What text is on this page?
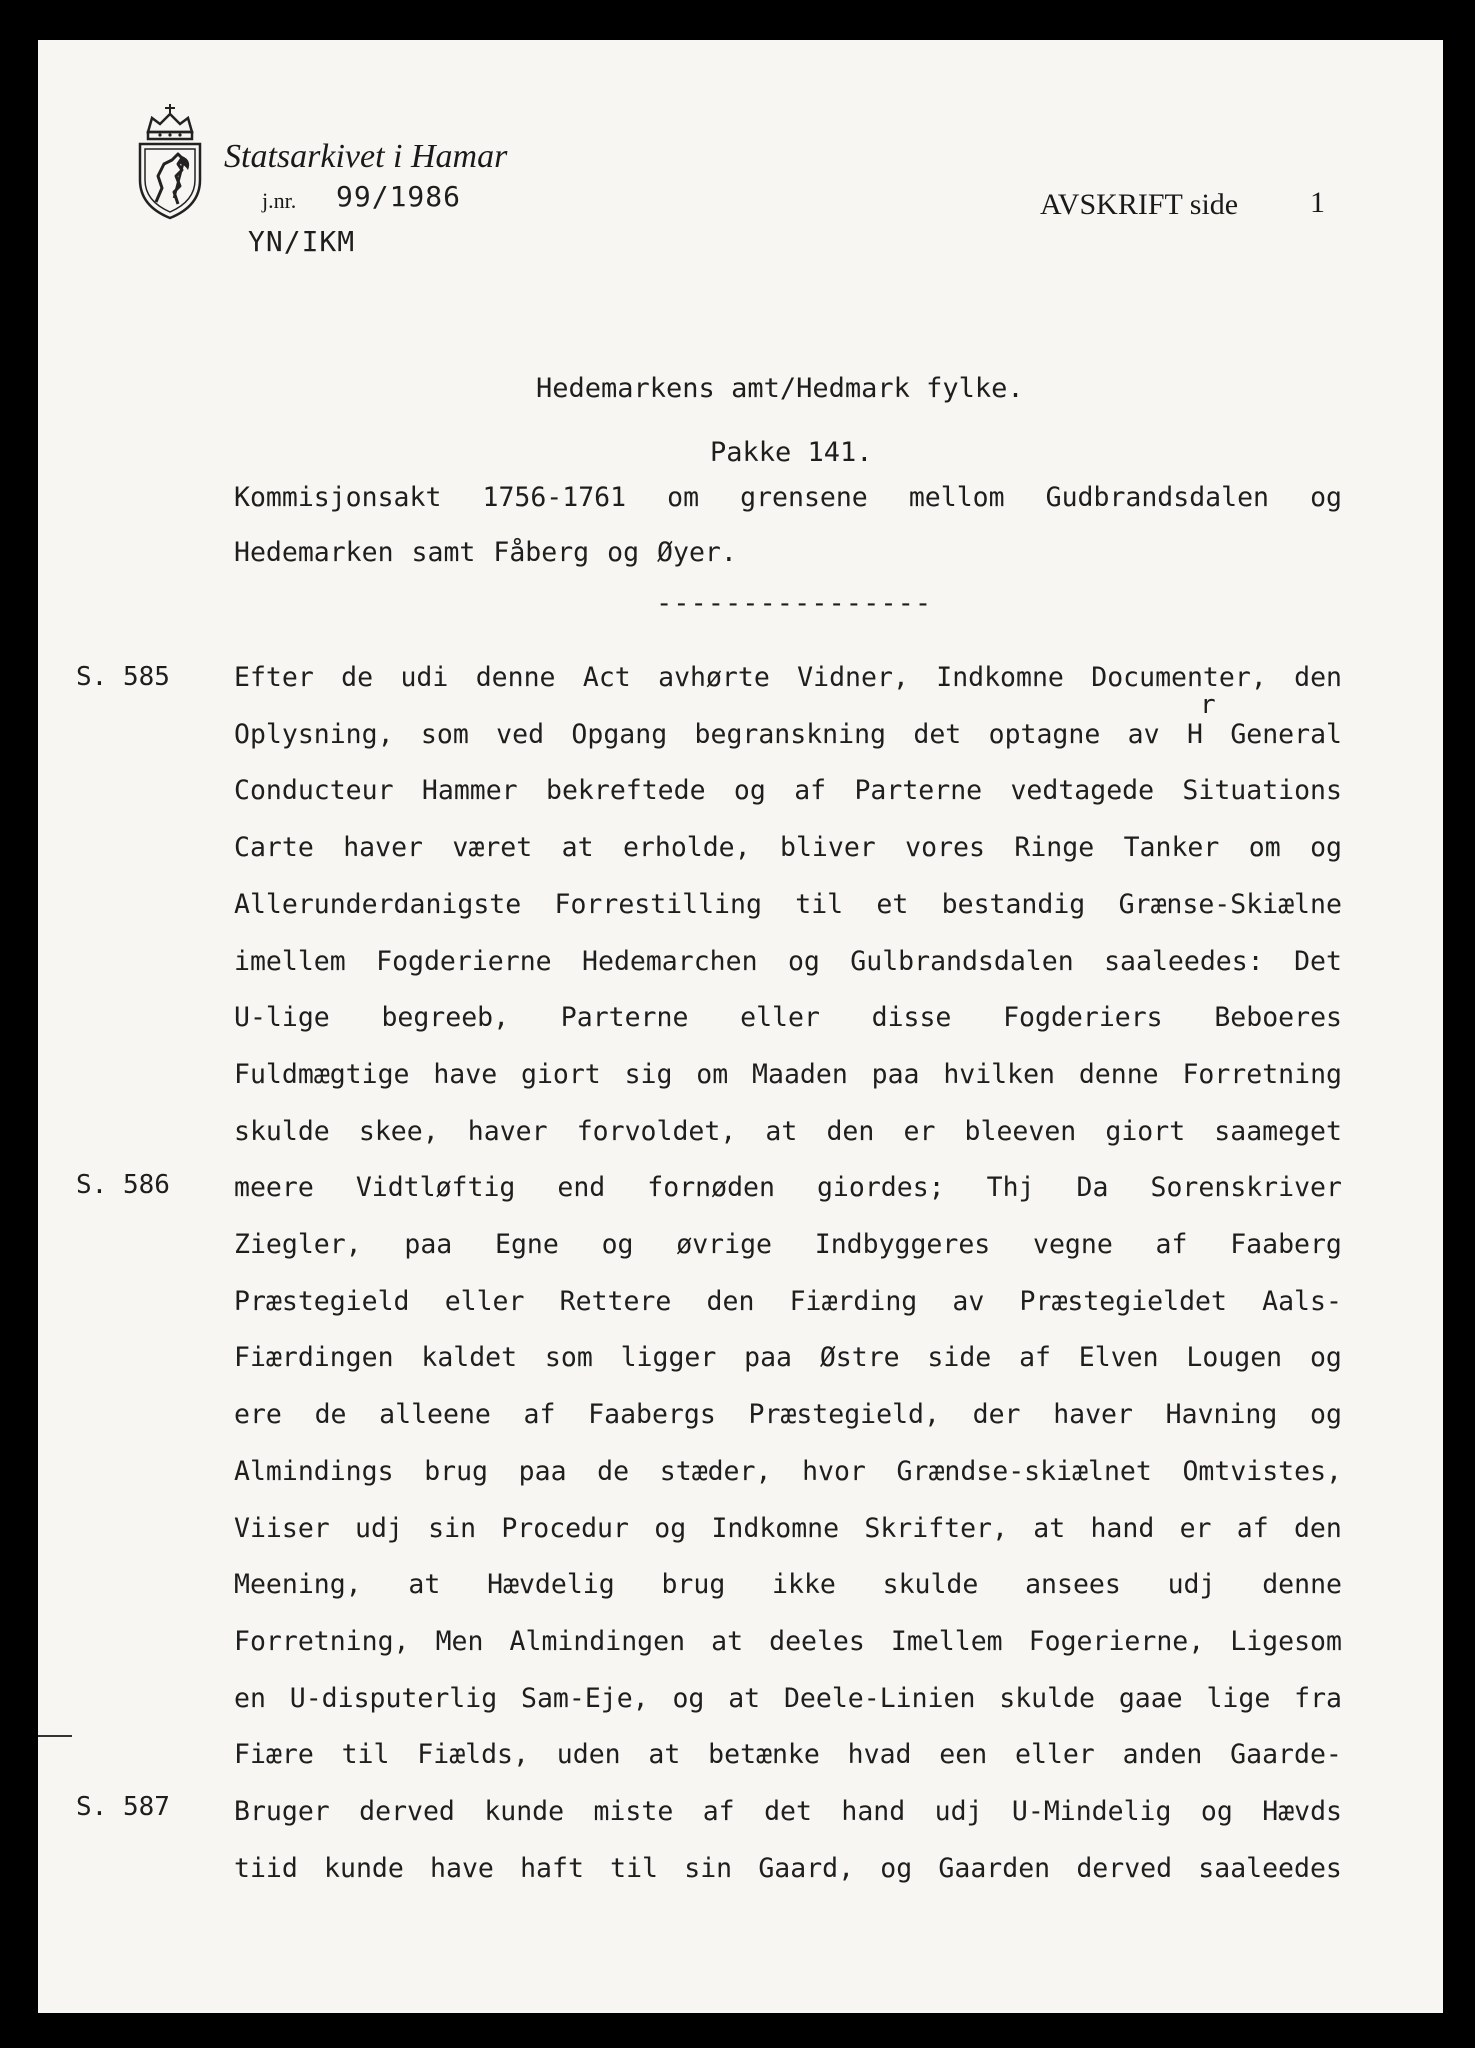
Statsarkivet i Hamar
j.nr. 99/1986
YN/IKM
AVSKRIFT side 1
Hedemarkens amt/Hedmark fylke.
Pakke 141.
Kommisjonsakt 1756-1761 om grensene mellom Gudbrandsdalen og
Hedemarken samt Fåberg og Øyer.
Efter de udi denne Act avhørte Vidner, Indkomne Documenter, den
Oplysning, som ved Opgang begranskning det optagne av H General
Conducteur Hammer bekreftede og af Parterne vedtagede Situations
Carte haver været at erholde, bliver vores Ringe Tanker om og
Allerunderdanigste Forrestilling til et bestandig Grænse-Skiælne
imellem Fogderierne Hedemarchen og Gulbrandsdalen saaleedes: Det
U-lige begreeb, Parterne eller disse Fogderiers Beboeres
Fuldmægtige have giort sig om Maaden paa hvilken denne Forretning
skulde skee, haver forvoldet, at den er bleeven giort saameget
meere Vidtløftig end fornøden giordes; Thj Da Sorenskriver
Ziegler, paa Egne og øvrige Indbyggeres vegne af Faaberg
Præstegield eller Rettere den Fiærding av Præstegieldet Aals-
Fiærdingen kaldet som ligger paa Østre side af Elven Lougen og
ere de alleene af Faabergs Præstegield, der haver Havning og
Almindings brug paa de stæder, hvor Grændse-skiælnet Omtvistes,
Viiser udj sin Procedur og Indkomne Skrifter, at hand er af den
Meening, at Hævdelig brug ikke skulde ansees udj denne
Forretning, Men Almindingen at deeles Imellem Fogerierne, Ligesom
en U-disputerlig Sam-Eje, og at Deele-Linien skulde gaae lige fra
Fiære til Fiælds, uden at betænke hvad een eller anden Gaarde-
Bruger derved kunde miste af det hand udj U-Mindelig og Hævds
tiid kunde have haft til sin Gaard, og Gaarden derved saaleedes
S. 585
S. 586
S. 587
----------------
r
